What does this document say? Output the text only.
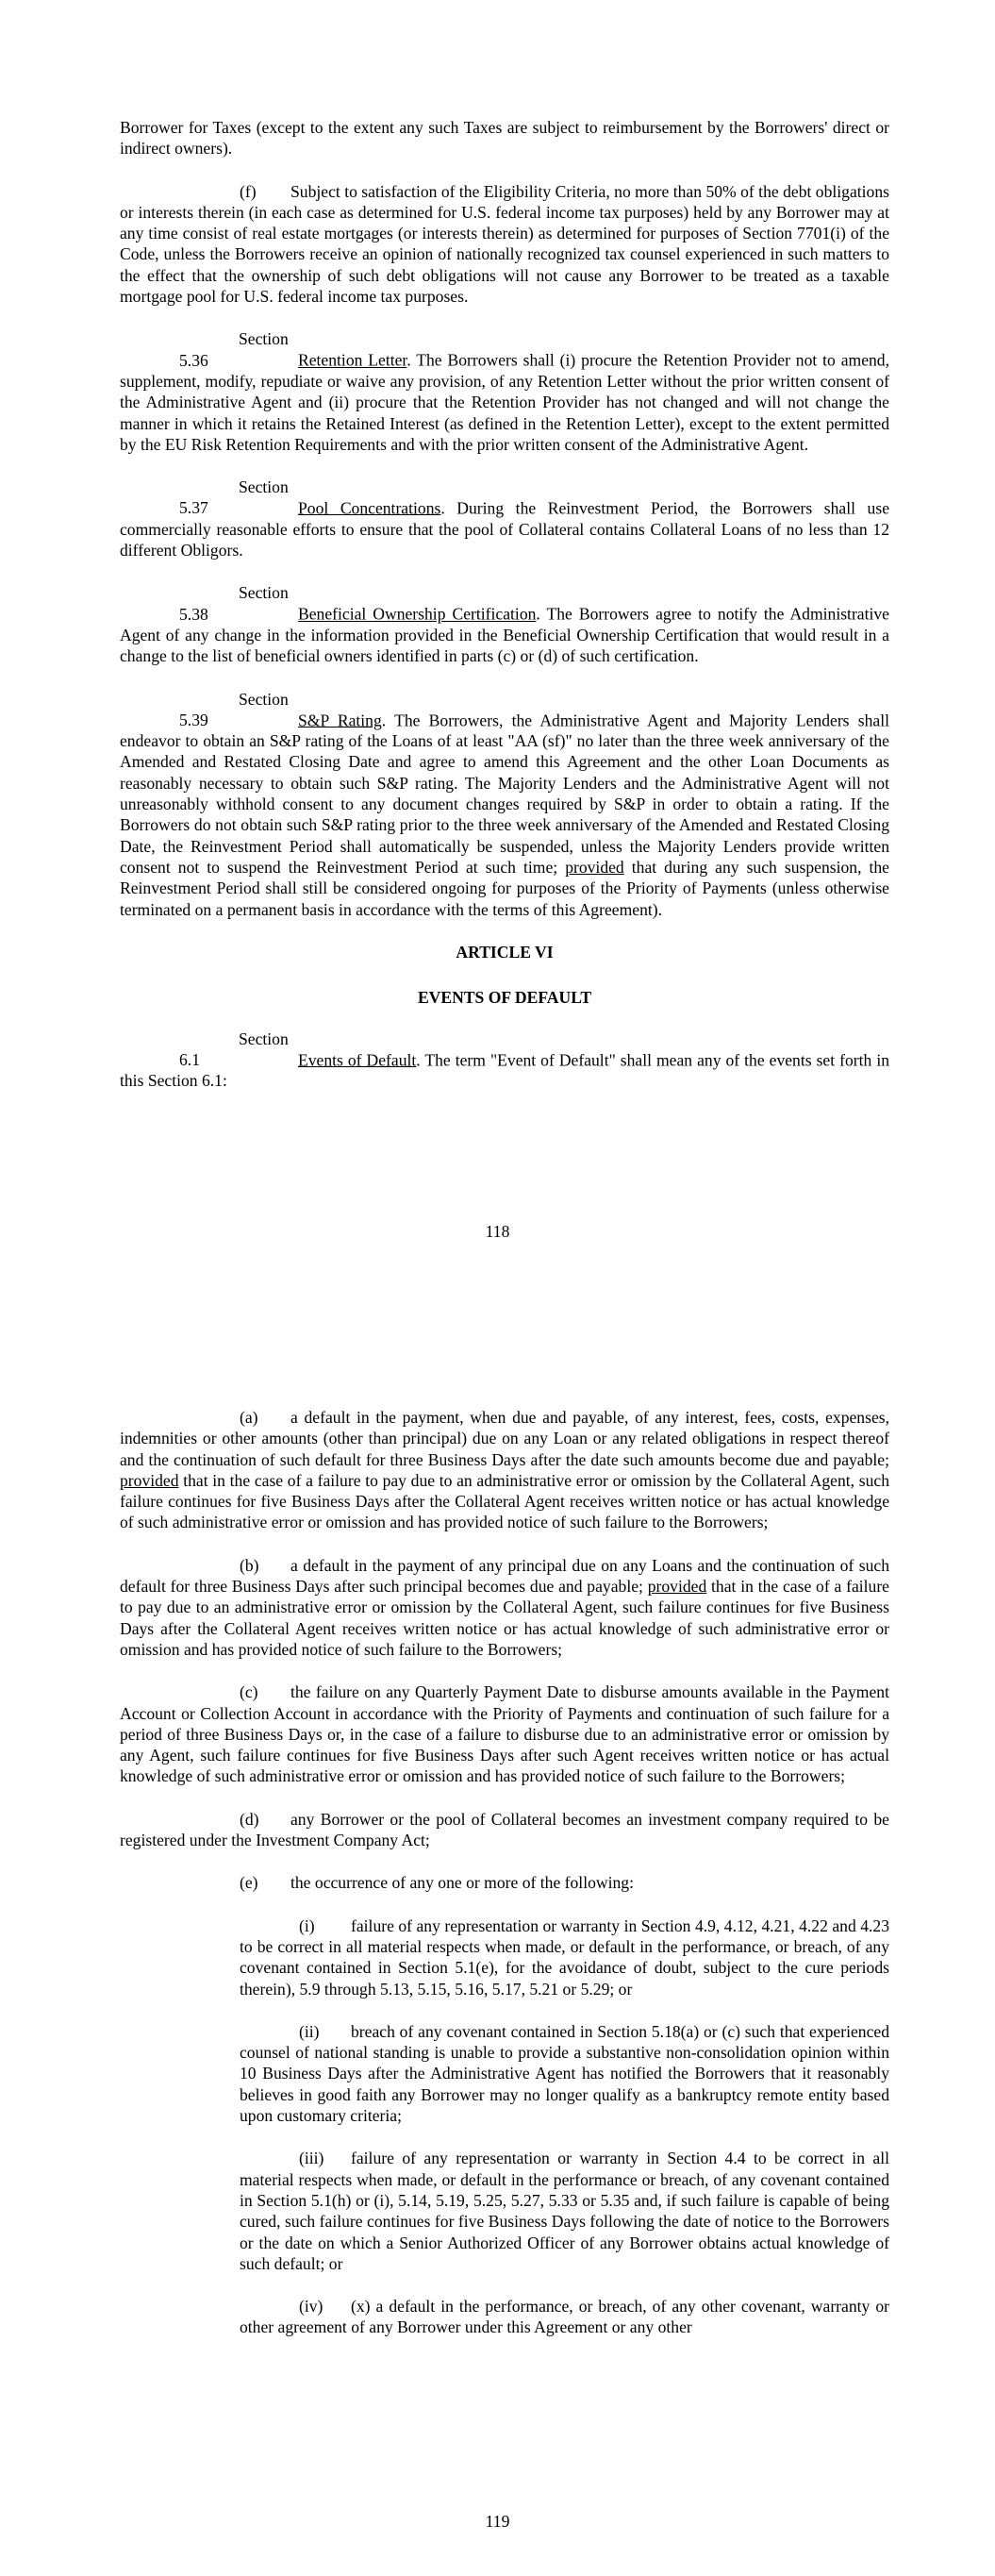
Borrower for Taxes (except to the extent any such Taxes are subject to reimbursement by the Borrowers' direct or indirect owners).

(f) Subject to satisfaction of the Eligibility Criteria, no more than 50% of the debt obligations or interests therein (in each case as determined for U.S. federal income tax purposes) held by any Borrower may at any time consist of real estate mortgages (or interests therein) as determined for purposes of Section 7701(i) of the Code, unless the Borrowers receive an opinion of nationally recognized tax counsel experienced in such matters to the effect that the ownership of such debt obligations will not cause any Borrower to be treated as a taxable mortgage pool for U.S. federal income tax purposes.

Section 5.36	Retention Letter. The Borrowers shall (i) procure the Retention Provider not to amend, supplement, modify, repudiate or waive any provision, of any Retention Letter without the prior written consent of the Administrative Agent and (ii) procure that the Retention Provider has not changed and will not change the manner in which it retains the Retained Interest (as defined in the Retention Letter), except to the extent permitted by the EU Risk Retention Requirements and with the prior written consent of the Administrative Agent.

Section 5.37	Pool Concentrations. During the Reinvestment Period, the Borrowers shall use commercially reasonable efforts to ensure that the pool of Collateral contains Collateral Loans of no less than 12 different Obligors.

Section 5.38	Beneficial Ownership Certification. The Borrowers agree to notify the Administrative Agent of any change in the information provided in the Beneficial Ownership Certification that would result in a change to the list of beneficial owners identified in parts (c) or (d) of such certification.

Section 5.39	S&P Rating. The Borrowers, the Administrative Agent and Majority Lenders shall endeavor to obtain an S&P rating of the Loans of at least "AA (sf)" no later than the three week anniversary of the Amended and Restated Closing Date and agree to amend this Agreement and the other Loan Documents as reasonably necessary to obtain such S&P rating. The Majority Lenders and the Administrative Agent will not unreasonably withhold consent to any document changes required by S&P in order to obtain a rating. If the Borrowers do not obtain such S&P rating prior to the three week anniversary of the Amended and Restated Closing Date, the Reinvestment Period shall automatically be suspended, unless the Majority Lenders provide written consent not to suspend the Reinvestment Period at such time; provided that during any such suspension, the Reinvestment Period shall still be considered ongoing for purposes of the Priority of Payments (unless otherwise terminated on a permanent basis in accordance with the terms of this Agreement).

ARTICLE VI
EVENTS OF DEFAULT

Section 6.1	Events of Default. The term "Event of Default" shall mean any of the events set forth in this Section 6.1:

118

(a) a default in the payment, when due and payable, of any interest, fees, costs, expenses, indemnities or other amounts (other than principal) due on any Loan or any related obligations in respect thereof and the continuation of such default for three Business Days after the date such amounts become due and payable; provided that in the case of a failure to pay due to an administrative error or omission by the Collateral Agent, such failure continues for five Business Days after the Collateral Agent receives written notice or has actual knowledge of such administrative error or omission and has provided notice of such failure to the Borrowers;

(b) a default in the payment of any principal due on any Loans and the continuation of such default for three Business Days after such principal becomes due and payable; provided that in the case of a failure to pay due to an administrative error or omission by the Collateral Agent, such failure continues for five Business Days after the Collateral Agent receives written notice or has actual knowledge of such administrative error or omission and has provided notice of such failure to the Borrowers;

(c) the failure on any Quarterly Payment Date to disburse amounts available in the Payment Account or Collection Account in accordance with the Priority of Payments and continuation of such failure for a period of three Business Days or, in the case of a failure to disburse due to an administrative error or omission by any Agent, such failure continues for five Business Days after such Agent receives written notice or has actual knowledge of such administrative error or omission and has provided notice of such failure to the Borrowers;

(d) any Borrower or the pool of Collateral becomes an investment company required to be registered under the Investment Company Act;

(e) the occurrence of any one or more of the following:

(i) failure of any representation or warranty in Section 4.9, 4.12, 4.21, 4.22 and 4.23 to be correct in all material respects when made, or default in the performance, or breach, of any covenant contained in Section 5.1(e), for the avoidance of doubt, subject to the cure periods therein), 5.9 through 5.13, 5.15, 5.16, 5.17, 5.21 or 5.29; or

(ii) breach of any covenant contained in Section 5.18(a) or (c) such that experienced counsel of national standing is unable to provide a substantive non-consolidation opinion within 10 Business Days after the Administrative Agent has notified the Borrowers that it reasonably believes in good faith any Borrower may no longer qualify as a bankruptcy remote entity based upon customary criteria;

(iii) failure of any representation or warranty in Section 4.4 to be correct in all material respects when made, or default in the performance or breach, of any covenant contained in Section 5.1(h) or (i), 5.14, 5.19, 5.25, 5.27, 5.33 or 5.35 and, if such failure is capable of being cured, such failure continues for five Business Days following the date of notice to the Borrowers or the date on which a Senior Authorized Officer of any Borrower obtains actual knowledge of such default; or

(iv) (x) a default in the performance, or breach, of any other covenant, warranty or other agreement of any Borrower under this Agreement or any other

119
